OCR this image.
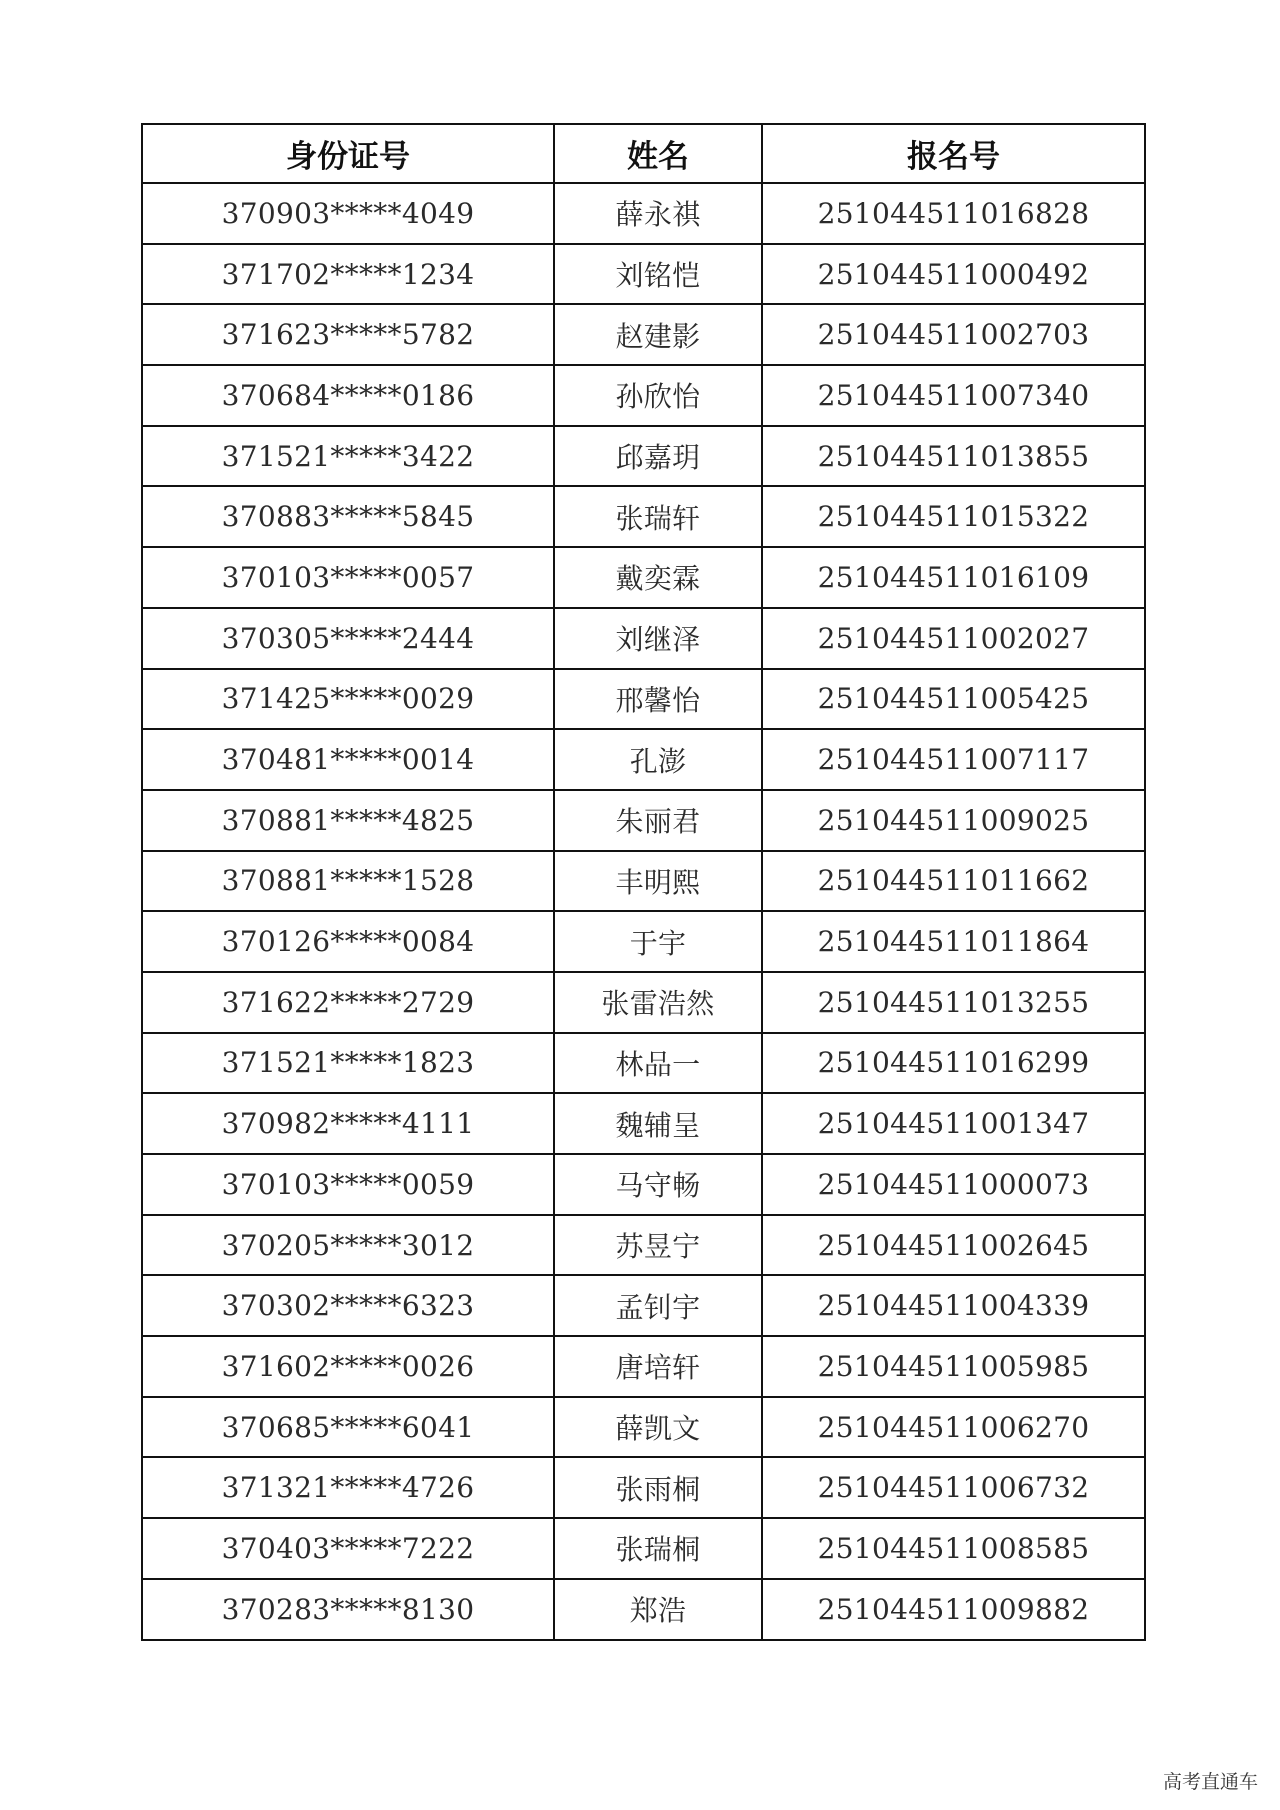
身份证号	姓名	报名号
370903*****4049	薛永祺	251044511016828
371702*****1234	刘铭恺	251044511000492
371623*****5782	赵建影	251044511002703
370684*****0186	孙欣怡	251044511007340
371521*****3422	邱嘉玥	251044511013855
370883*****5845	张瑞轩	251044511015322
370103*****0057	戴奕霖	251044511016109
370305*****2444	刘继泽	251044511002027
371425*****0029	邢馨怡	251044511005425
370481*****0014	孔澎	251044511007117
370881*****4825	朱丽君	251044511009025
370881*****1528	丰明熙	251044511011662
370126*****0084	于宇	251044511011864
371622*****2729	张雷浩然	251044511013255
371521*****1823	林品一	251044511016299
370982*****4111	魏辅呈	251044511001347
370103*****0059	马守畅	251044511000073
370205*****3012	苏昱宁	251044511002645
370302*****6323	孟钊宇	251044511004339
371602*****0026	唐培轩	251044511005985
370685*****6041	薛凯文	251044511006270
371321*****4726	张雨桐	251044511006732
370403*****7222	张瑞桐	251044511008585
370283*****8130	郑浩	251044511009882
高考直通车
